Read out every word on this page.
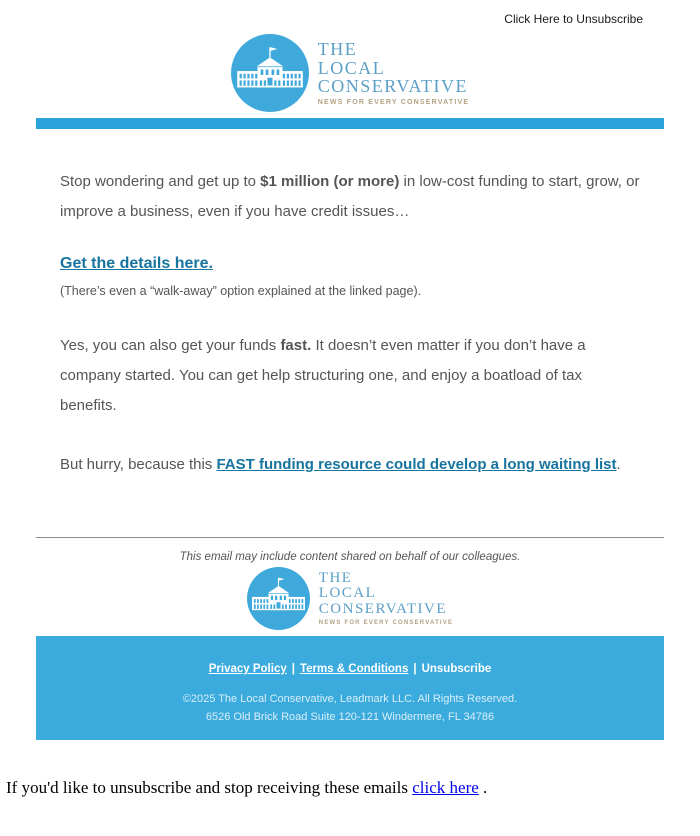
Click Here to Unsubscribe
THE
LOCAL
CONSERVATIVE
NEWS FOR EVERY CONSERVATIVE

Stop wondering and get up to $1 million (or more) in low-cost funding to start, grow, or improve a business, even if you have credit issues…

Get the details here.

(There’s even a “walk-away” option explained at the linked page).

Yes, you can also get your funds fast. It doesn’t even matter if you don’t have a company started. You can get help structuring one, and enjoy a boatload of tax benefits.

But hurry, because this FAST funding resource could develop a long waiting list.

This email may include content shared on behalf of our colleagues.
THE
LOCAL
CONSERVATIVE
NEWS FOR EVERY CONSERVATIVE
Privacy Policy | Terms & Conditions | Unsubscribe
©2025 The Local Conservative, Leadmark LLC. All Rights Reserved.
6526 Old Brick Road Suite 120-121 Windermere, FL 34786
If you'd like to unsubscribe and stop receiving these emails click here .
